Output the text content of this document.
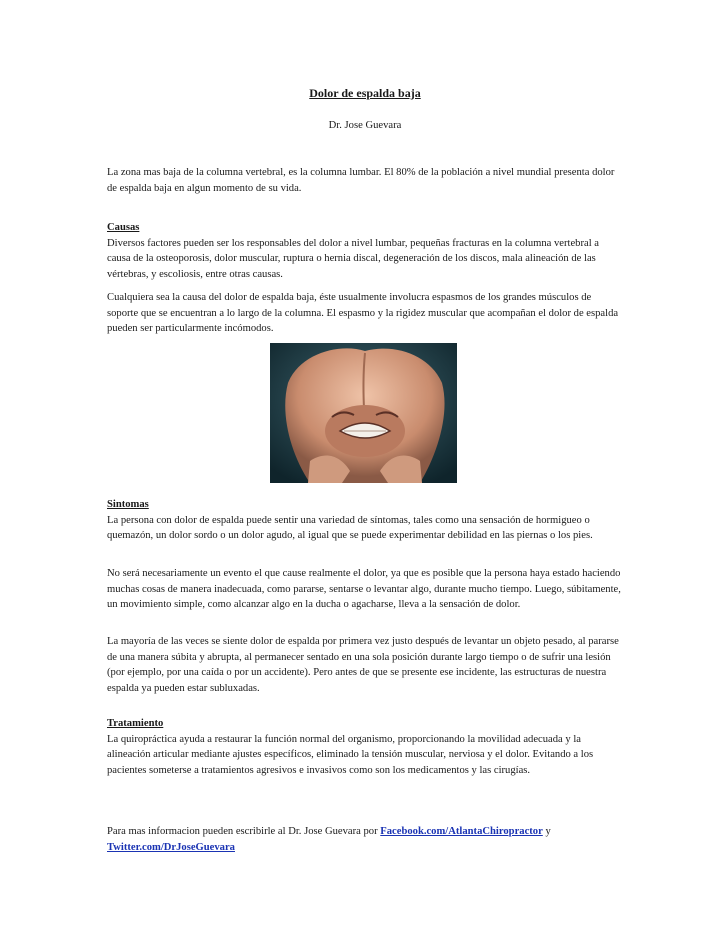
Dolor de espalda baja
Dr. Jose Guevara
La zona mas baja de la columna vertebral, es la columna lumbar. El 80% de la población a nivel mundial presenta dolor de espalda baja en algun momento de su vida.
Causas
Diversos factores pueden ser los responsables del dolor a nivel lumbar, pequeñas fracturas en la columna vertebral a causa de la osteoporosis, dolor muscular, ruptura o hernia discal, degeneración de los discos, mala alineación de las vértebras, y escoliosis, entre otras causas.
Cualquiera sea la causa del dolor de espalda baja, éste usualmente involucra espasmos de los grandes músculos de soporte que se encuentran a lo largo de la columna. El espasmo y la rigidez muscular que acompañan el dolor de espalda pueden ser particularmente incómodos.
Sintomas
La persona con dolor de espalda puede sentir una variedad de síntomas, tales como una sensación de hormigueo o quemazón, un dolor sordo o un dolor agudo, al igual que se puede experimentar debilidad en las piernas o los pies.
No será necesariamente un evento el que cause realmente el dolor, ya que es posible que la persona haya estado haciendo muchas cosas de manera inadecuada, como pararse, sentarse o levantar algo, durante mucho tiempo. Luego, súbitamente, un movimiento simple, como alcanzar algo en la ducha o agacharse, lleva a la sensación de dolor.
La mayoría de las veces se siente dolor de espalda por primera vez justo después de levantar un objeto pesado, al pararse de una manera súbita y abrupta, al permanecer sentado en una sola posición durante largo tiempo o de sufrir una lesión (por ejemplo, por una caída o por un accidente). Pero antes de que se presente ese incidente, las estructuras de nuestra espalda ya pueden estar subluxadas.
Tratamiento
La quiropráctica ayuda a restaurar la función normal del organismo, proporcionando la movilidad adecuada y la alineación articular mediante ajustes específicos, eliminado la tensión muscular, nerviosa y el dolor. Evitando a los pacientes someterse a tratamientos agresivos e invasivos como son los medicamentos y las cirugías.
Para mas informacion pueden escribirle al Dr. Jose Guevara por Facebook.com/AtlantaChiropractor y
Twitter.com/DrJoseGuevara
